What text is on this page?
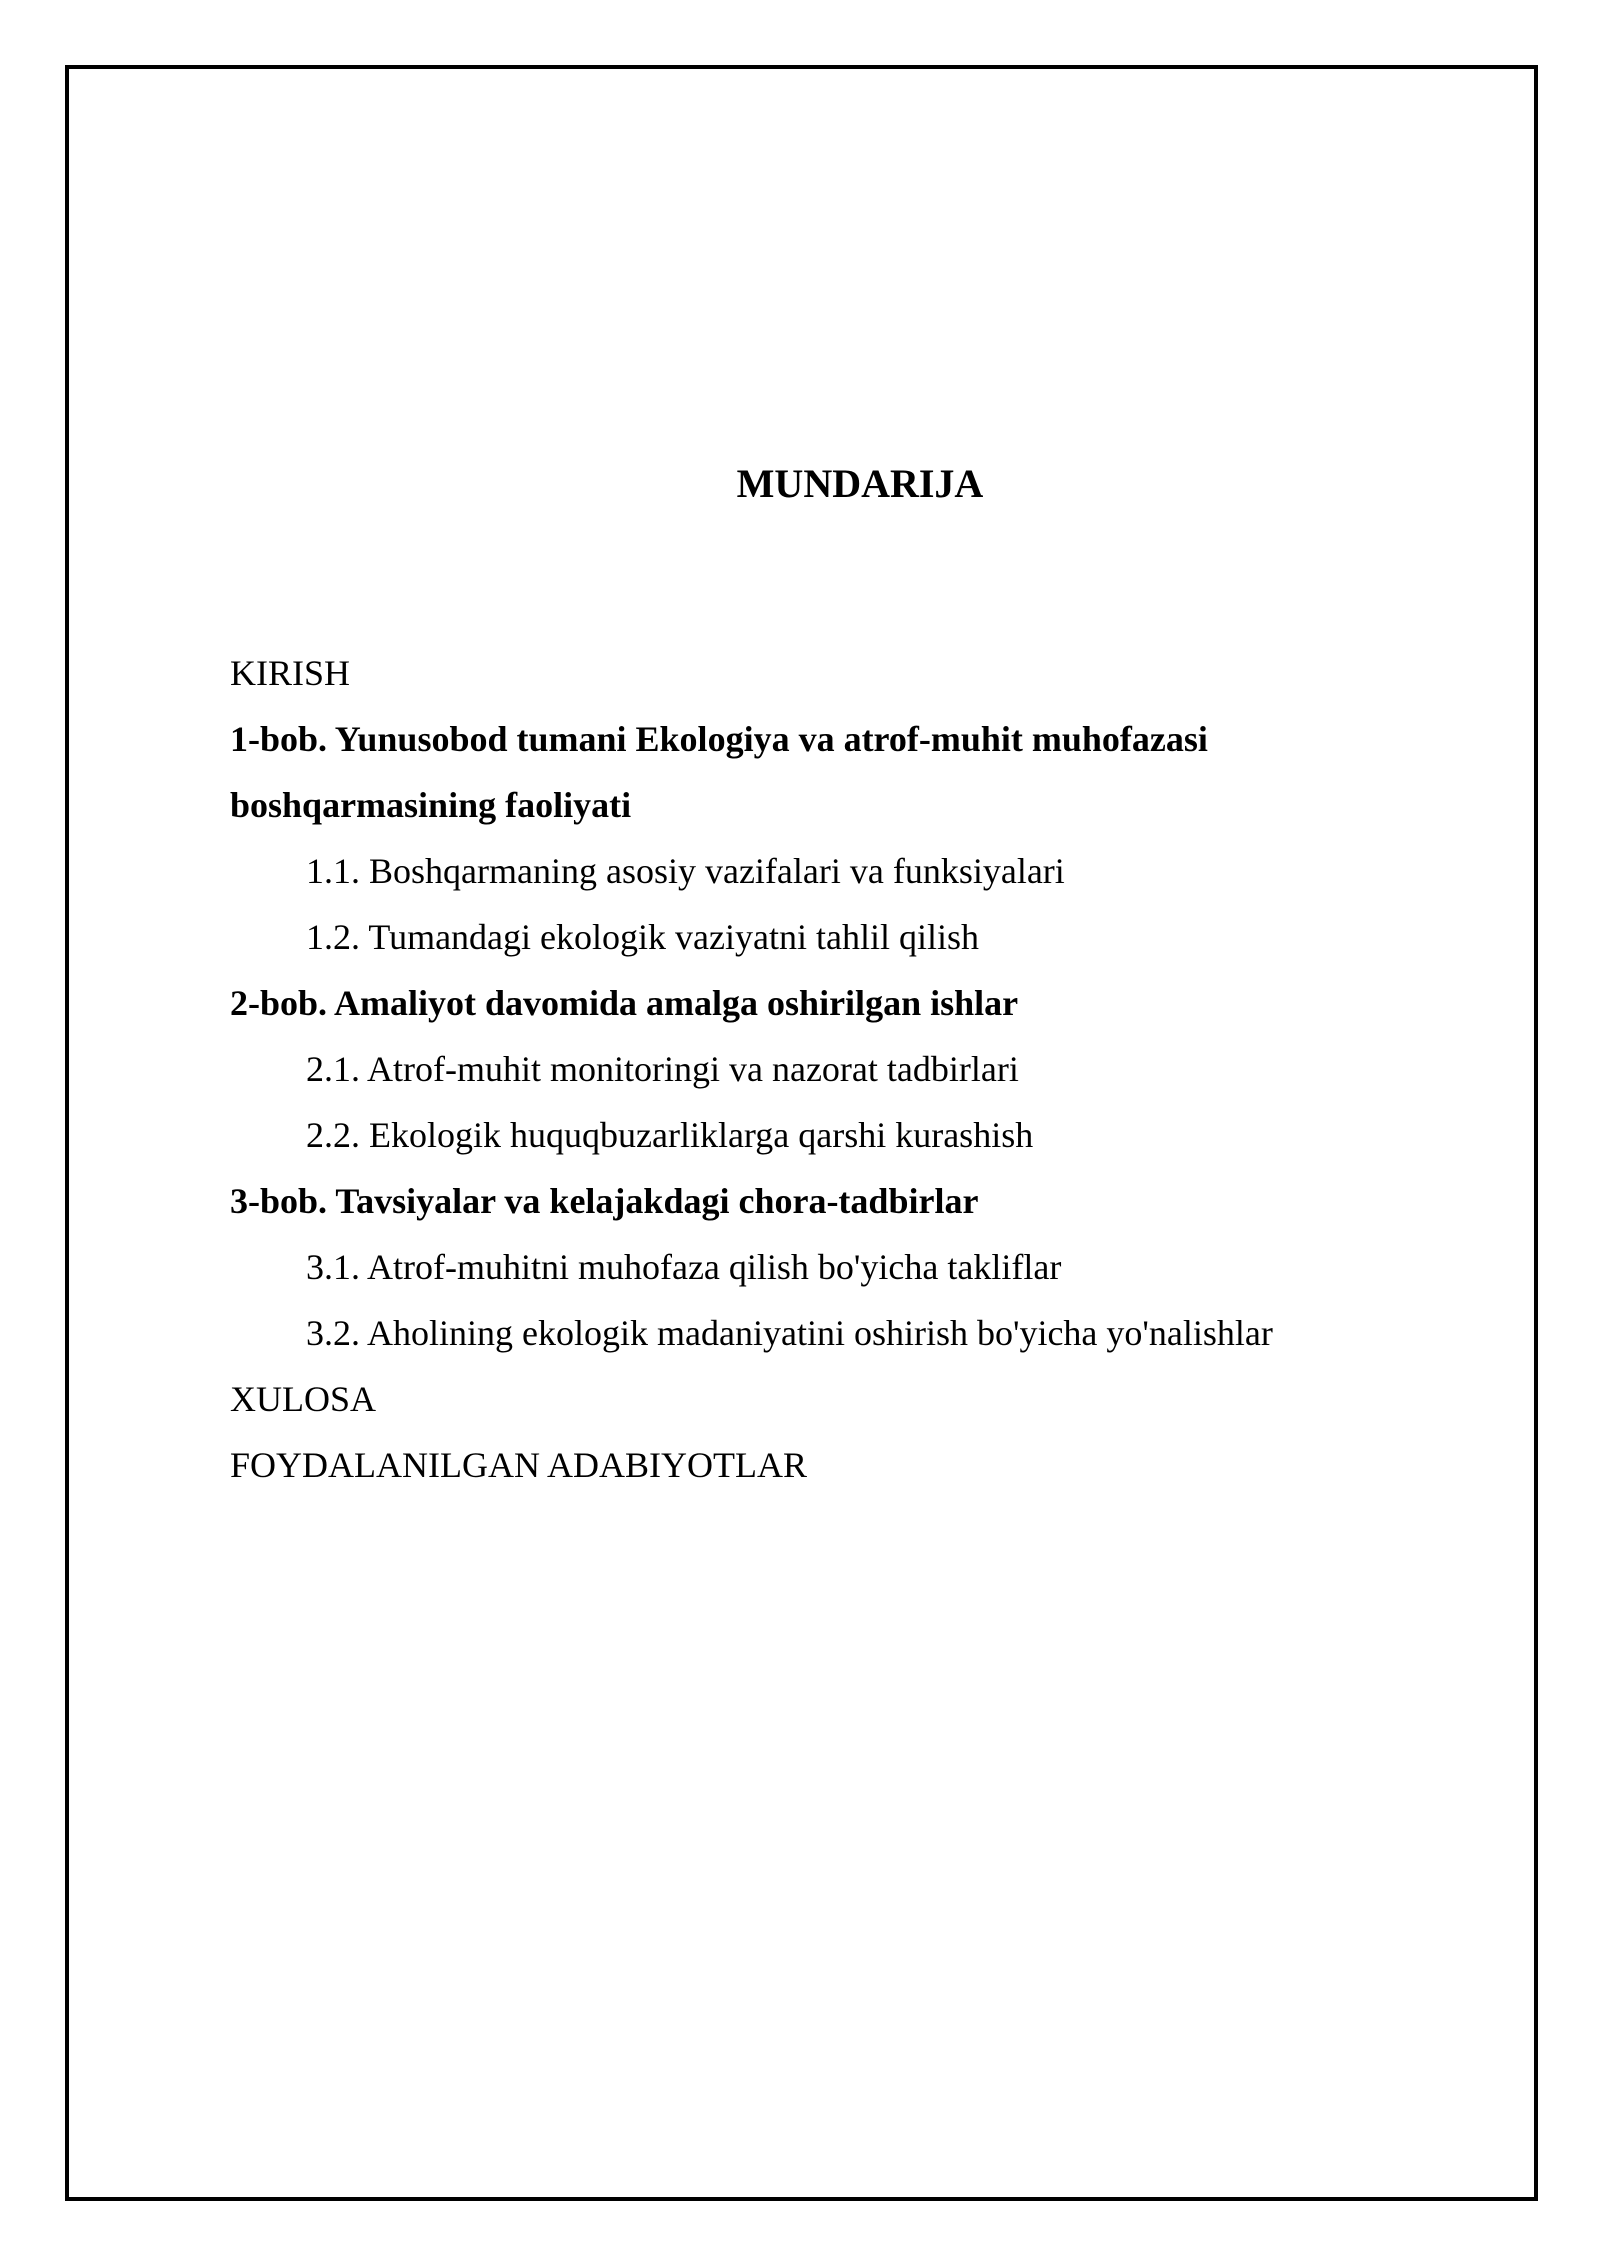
MUNDARIJA

KIRISH

1-bob. Yunusobod tumani Ekologiya va atrof-muhit muhofazasi boshqarmasining faoliyati

1.1. Boshqarmaning asosiy vazifalari va funksiyalari

1.2. Tumandagi ekologik vaziyatni tahlil qilish

2-bob. Amaliyot davomida amalga oshirilgan ishlar

2.1. Atrof-muhit monitoringi va nazorat tadbirlari

2.2. Ekologik huquqbuzarliklarga qarshi kurashish

3-bob. Tavsiyalar va kelajakdagi chora-tadbirlar

3.1. Atrof-muhitni muhofaza qilish bo'yicha takliflar

3.2. Aholining ekologik madaniyatini oshirish bo'yicha yo'nalishlar

XULOSA

FOYDALANILGAN ADABIYOTLAR
